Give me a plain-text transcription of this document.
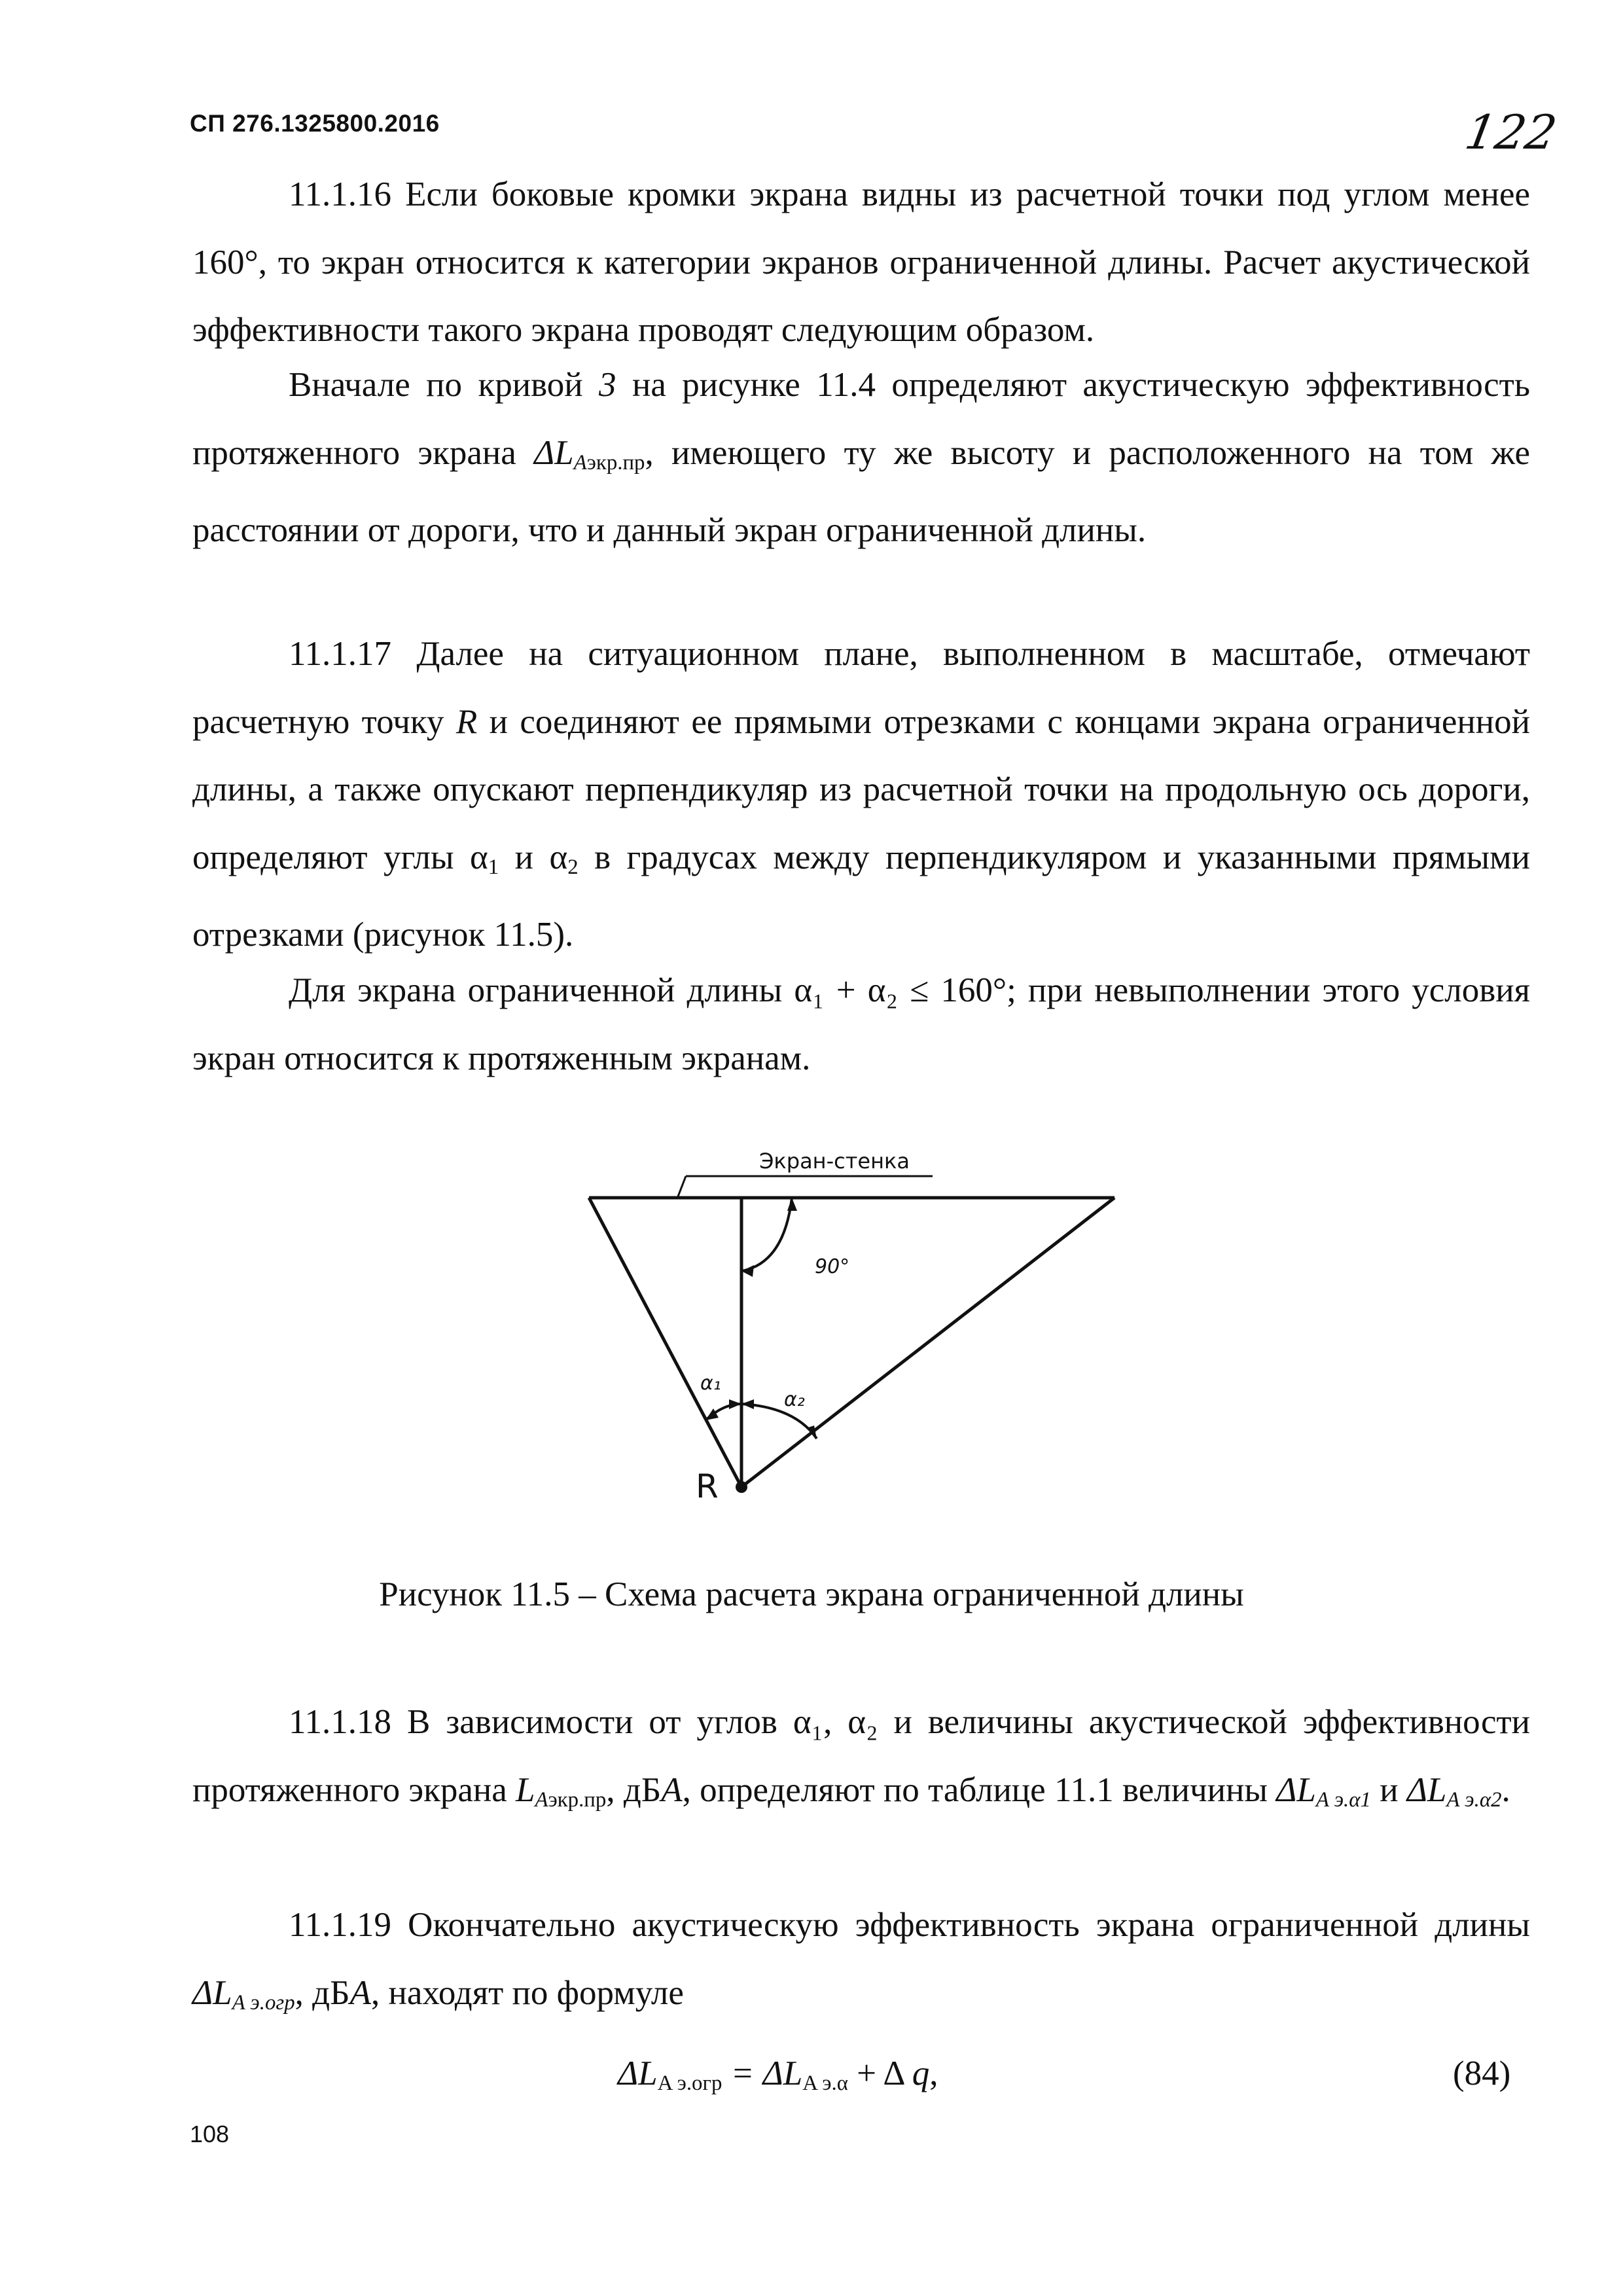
СП 276.1325800.2016	122

11.1.16 Если боковые кромки экрана видны из расчетной точки под углом менее 160°, то экран относится к категории экранов ограниченной длины. Расчет акустической эффективности такого экрана проводят следующим образом.

Вначале по кривой 3 на рисунке 11.4 определяют акустическую эффективность протяженного экрана $\Delta L_{Aэкр.пр}$, имеющего ту же высоту и расположенного на том же расстоянии от дороги, что и данный экран ограниченной длины.

11.1.17 Далее на ситуационном плане, выполненном в масштабе, отмечают расчетную точку R и соединяют ее прямыми отрезками с концами экрана ограниченной длины, а также опускают перпендикуляр из расчетной точки на продольную ось дороги, определяют углы $\alpha_1$ и $\alpha_2$ в градусах между перпендикуляром и указанными прямыми отрезками (рисунок 11.5).

Для экрана ограниченной длины α₁ + α₂ ≤ 160°; при невыполнении этого условия экран относится к протяженным экранам.

Экран-стенка
90°
α₁
α₂
R
Рисунок 11.5 – Схема расчета экрана ограниченной длины

11.1.18 В зависимости от углов α₁, α₂ и величины акустической эффективности протяженного экрана $L_{Aэкр.пр}$, дБА, определяют по таблице 11.1 величины $\Delta L_{A э.\alpha 1}$ и $\Delta L_{A э.\alpha 2}$.

11.1.19 Окончательно акустическую эффективность экрана ограниченной длины $\Delta L_{A э.огр}$, дБА, находят по формуле

$\Delta L_{A э.огр} = \Delta L_{A э.\alpha} + \Delta$ q,	(84)
108
